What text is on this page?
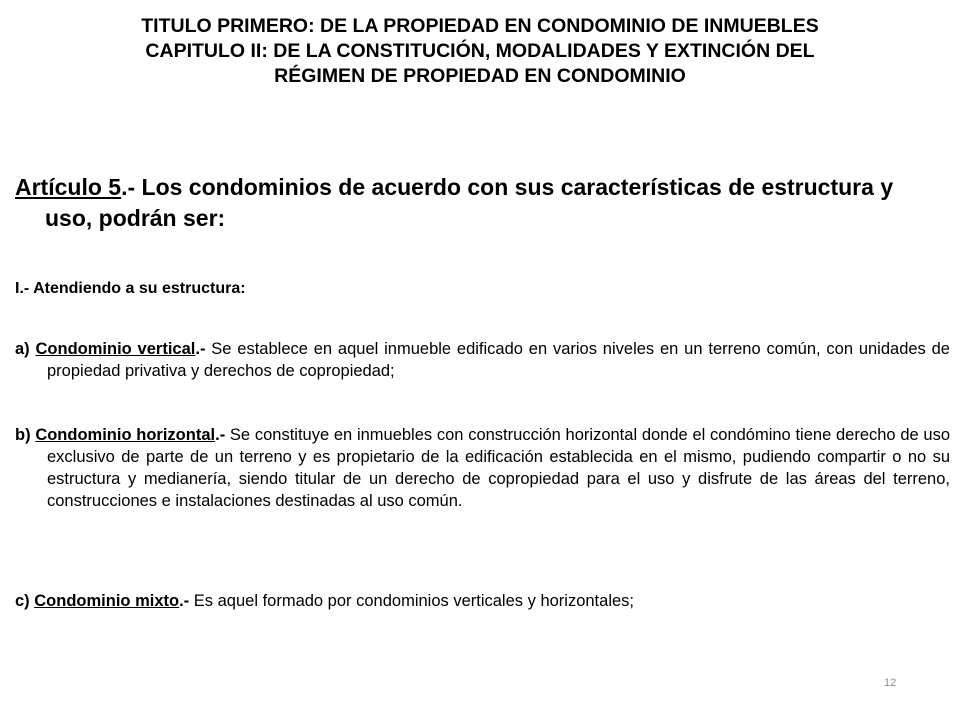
TITULO PRIMERO: DE LA PROPIEDAD EN CONDOMINIO DE INMUEBLES
CAPITULO II: DE LA CONSTITUCIÓN, MODALIDADES Y EXTINCIÓN DEL
RÉGIMEN DE PROPIEDAD EN CONDOMINIO
Artículo 5.- Los condominios de acuerdo con sus características de estructura y uso, podrán ser:
I.- Atendiendo a su estructura:
a) Condominio vertical.- Se establece en aquel inmueble edificado en varios niveles en un terreno común, con unidades de propiedad privativa y derechos de copropiedad;
b) Condominio horizontal.- Se constituye en inmuebles con construcción horizontal donde el condómino tiene derecho de uso exclusivo de parte de un terreno y es propietario de la edificación establecida en el mismo, pudiendo compartir o no su estructura y medianería, siendo titular de un derecho de copropiedad para el uso y disfrute de las áreas del terreno, construcciones e instalaciones destinadas al uso común.
c) Condominio mixto.- Es aquel formado por condominios verticales y horizontales;
12
